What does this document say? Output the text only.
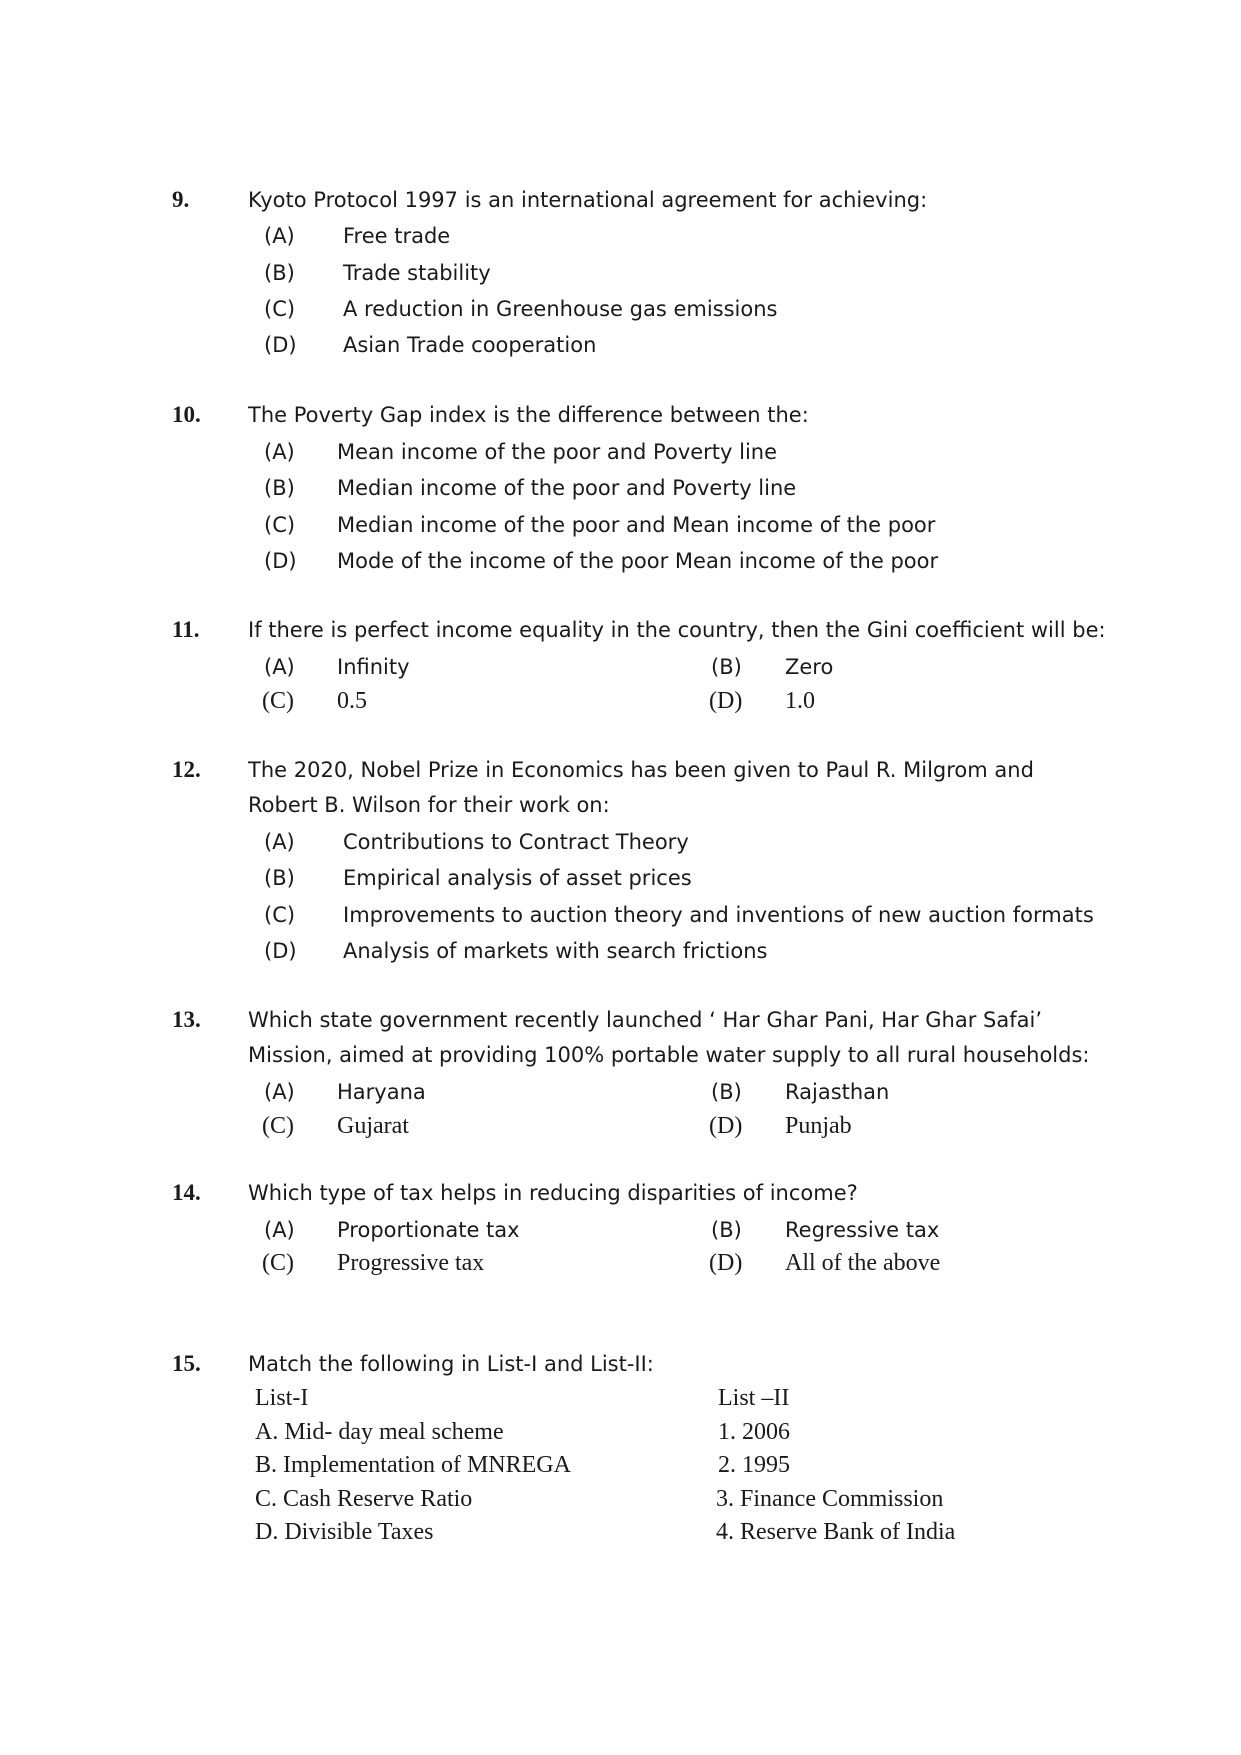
9.	Kyoto Protocol 1997 is an international agreement for achieving:
(A) Free trade
(B) Trade stability
(C) A reduction in Greenhouse gas emissions
(D) Asian Trade cooperation
10. The Poverty Gap index is the difference between the:
(A) Mean income of the poor and Poverty line
(B) Median income of the poor and Poverty line
(C) Median income of the poor and Mean income of the poor
(D) Mode of the income of the poor Mean income of the poor
11. If there is perfect income equality in the country, then the Gini coefficient will be:
(A) Infinity	(B) Zero
(C) 0.5	(D) 1.0
12. The 2020, Nobel Prize in Economics has been given to Paul R. Milgrom and Robert B. Wilson for their work on:
(A) Contributions to Contract Theory
(B) Empirical analysis of asset prices
(C) Improvements to auction theory and inventions of new auction formats
(D) Analysis of markets with search frictions
13. Which state government recently launched ‘ Har Ghar Pani, Har Ghar Safai’ Mission, aimed at providing 100% portable water supply to all rural households:
(A) Haryana	(B) Rajasthan
(C) Gujarat	(D) Punjab
14. Which type of tax helps in reducing disparities of income?
(A) Proportionate tax	(B) Regressive tax
(C) Progressive tax	(D) All of the above
15. Match the following in List-I and List-II:
List-I	List –II
A. Mid- day meal scheme	1. 2006
B. Implementation of MNREGA	2. 1995
C. Cash Reserve Ratio	3. Finance Commission
D. Divisible Taxes	4. Reserve Bank of India
